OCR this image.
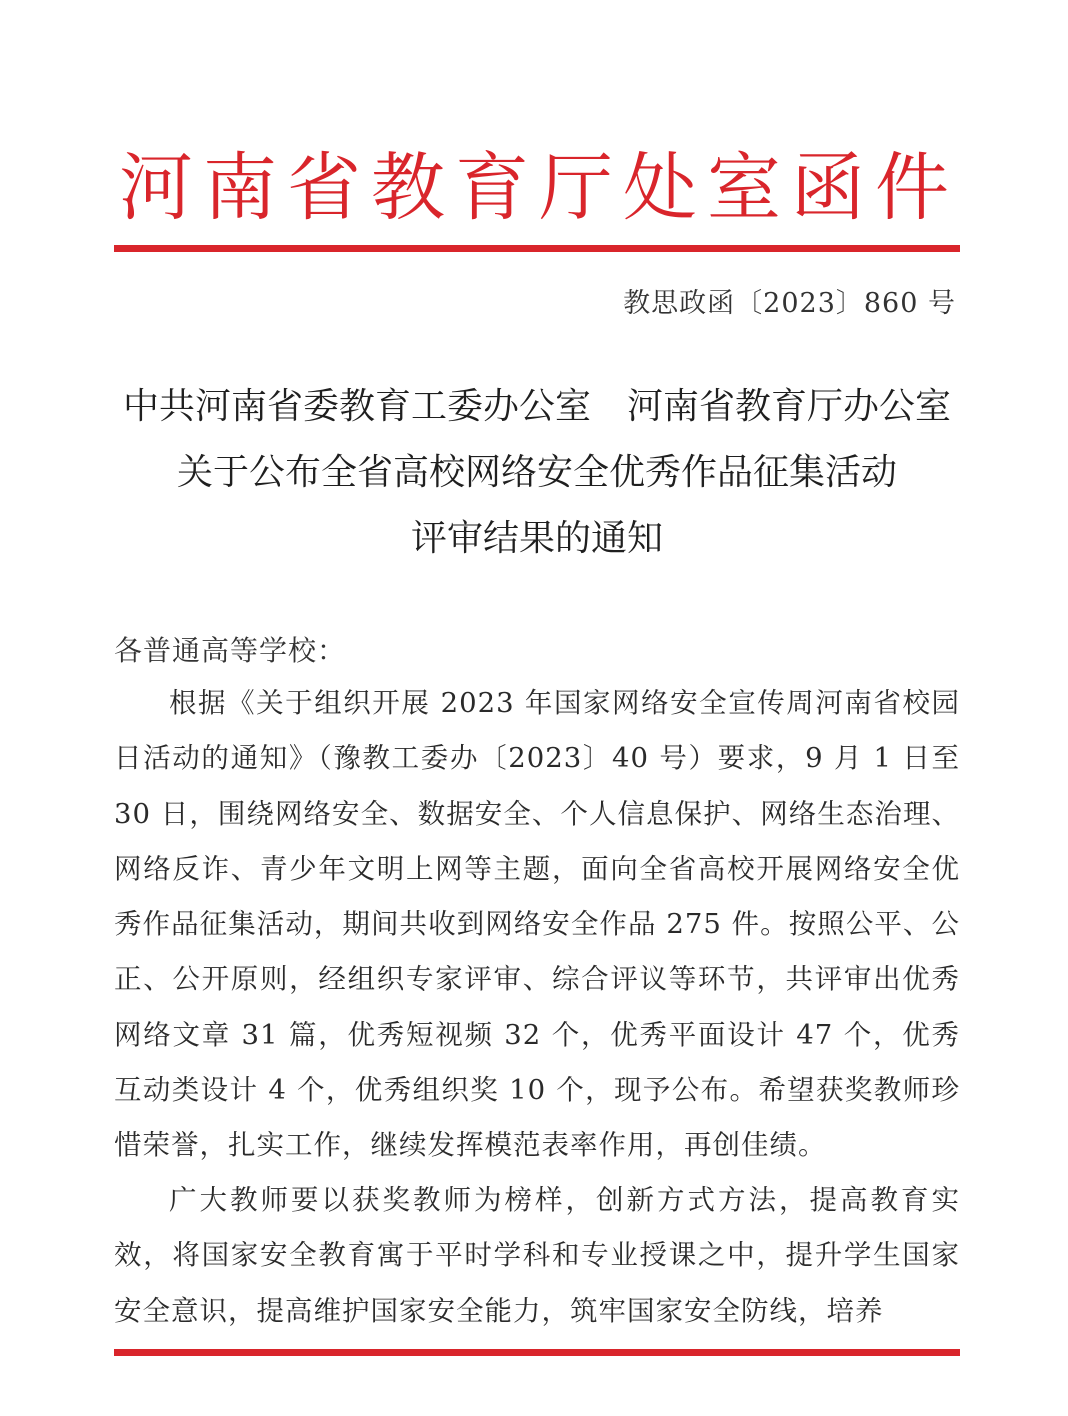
河南省教育厅处室函件
教思政函〔2023〕860 号
中共河南省委教育工委办公室　河南省教育厅办公室
关于公布全省高校网络安全优秀作品征集活动
评审结果的通知
各普通高等学校：

根据《关于组织开展 2023 年国家网络安全宣传周河南省校园日活动的通知》（豫教工委办〔2023〕40 号）要求，9 月 1 日至 30 日，围绕网络安全、数据安全、个人信息保护、网络生态治理、网络反诈、青少年文明上网等主题，面向全省高校开展网络安全优秀作品征集活动，期间共收到网络安全作品 275 件。按照公平、公正、公开原则，经组织专家评审、综合评议等环节，共评审出优秀网络文章 31 篇，优秀短视频 32 个，优秀平面设计 47 个，优秀互动类设计 4 个，优秀组织奖 10 个，现予公布。希望获奖教师珍惜荣誉，扎实工作，继续发挥模范表率作用，再创佳绩。

广大教师要以获奖教师为榜样，创新方式方法，提高教育实效，将国家安全教育寓于平时学科和专业授课之中，提升学生国家安全意识，提高维护国家安全能力，筑牢国家安全防线，培养
